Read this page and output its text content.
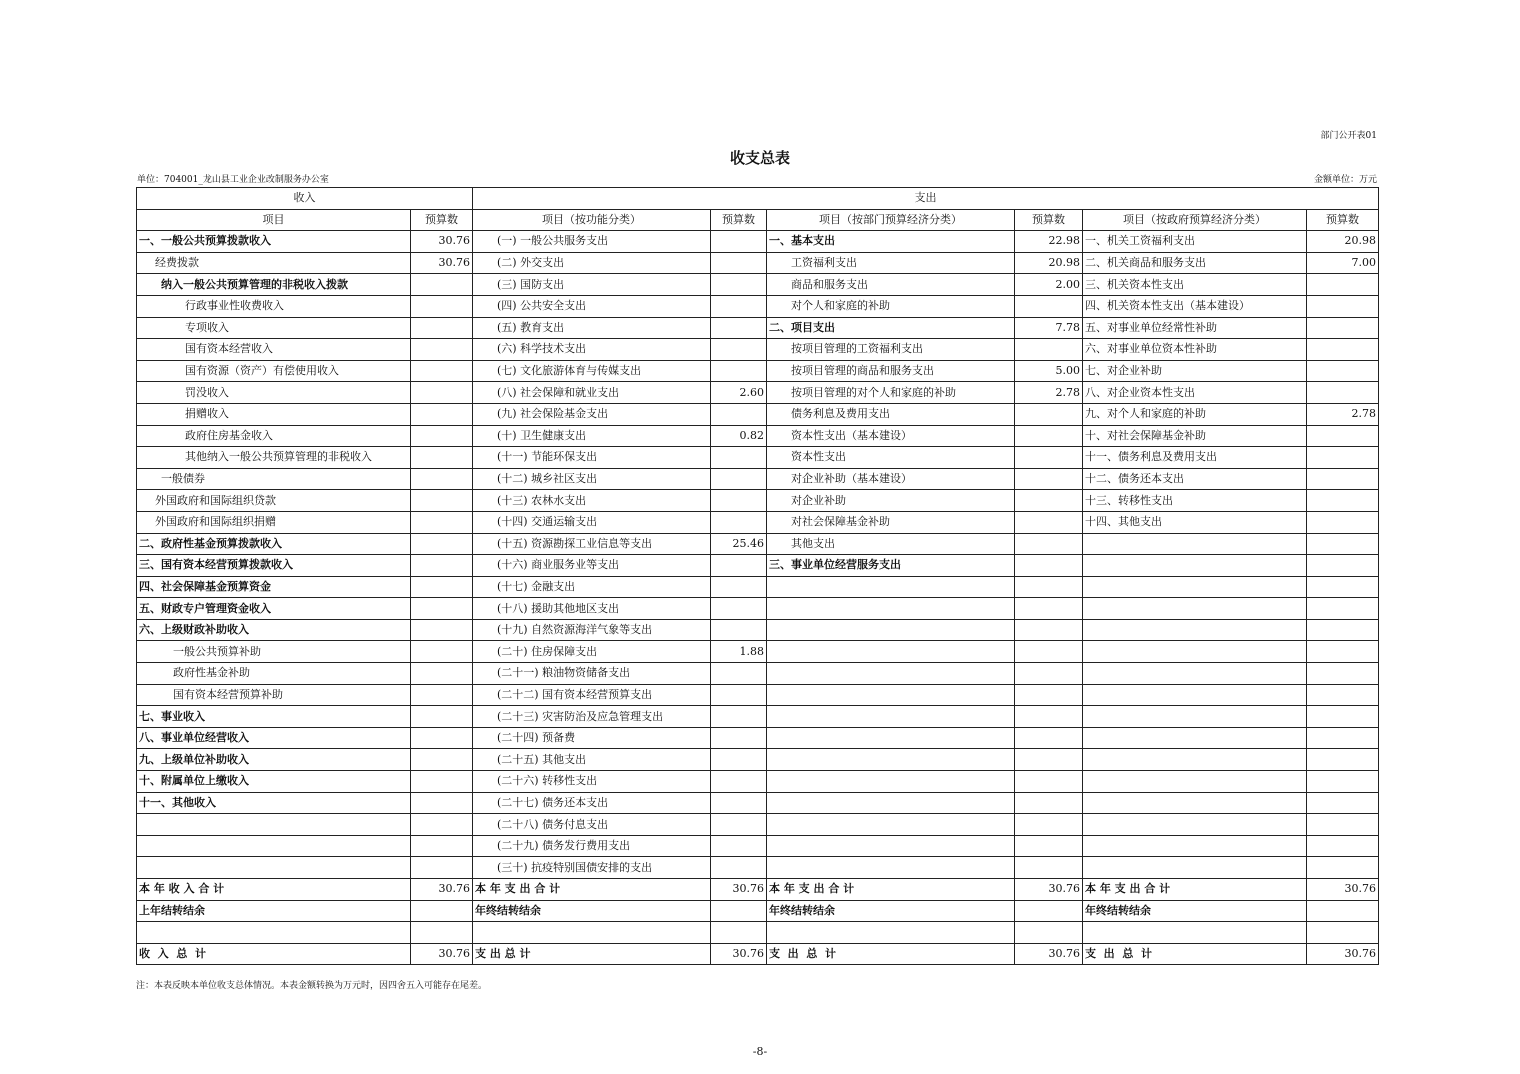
部门公开表01
收支总表
单位：704001_龙山县工业企业改制服务办公室	金额单位：万元
收入		支出					
项目	预算数	项目（按功能分类）	预算数	项目（按部门预算经济分类）	预算数	项目（按政府预算经济分类）	预算数
一、一般公共预算拨款收入	30.76	(一) 一般公共服务支出		一、基本支出	22.98	一、机关工资福利支出	20.98
经费拨款	30.76	(二) 外交支出		工资福利支出	20.98	二、机关商品和服务支出	7.00
纳入一般公共预算管理的非税收入拨款		(三) 国防支出		商品和服务支出	2.00	三、机关资本性支出	
行政事业性收费收入		(四) 公共安全支出		对个人和家庭的补助		四、机关资本性支出（基本建设）	
专项收入		(五) 教育支出		二、项目支出	7.78	五、对事业单位经常性补助	
国有资本经营收入		(六) 科学技术支出		按项目管理的工资福利支出		六、对事业单位资本性补助	
国有资源（资产）有偿使用收入		(七) 文化旅游体育与传媒支出		按项目管理的商品和服务支出	5.00	七、对企业补助	
罚没收入		(八) 社会保障和就业支出	2.60	按项目管理的对个人和家庭的补助	2.78	八、对企业资本性支出	
捐赠收入		(九) 社会保险基金支出		债务利息及费用支出		九、对个人和家庭的补助	2.78
政府住房基金收入		(十) 卫生健康支出	0.82	资本性支出（基本建设）		十、对社会保障基金补助	
其他纳入一般公共预算管理的非税收入		(十一) 节能环保支出		资本性支出		十一、债务利息及费用支出	
一般债券		(十二) 城乡社区支出		对企业补助（基本建设）		十二、债务还本支出	
外国政府和国际组织贷款		(十三) 农林水支出		对企业补助		十三、转移性支出	
外国政府和国际组织捐赠		(十四) 交通运输支出		对社会保障基金补助		十四、其他支出	
二、政府性基金预算拨款收入		(十五) 资源勘探工业信息等支出	25.46	其他支出			
三、国有资本经营预算拨款收入		(十六) 商业服务业等支出		三、事业单位经营服务支出			
四、社会保障基金预算资金		(十七) 金融支出					
五、财政专户管理资金收入		(十八) 援助其他地区支出					
六、上级财政补助收入		(十九) 自然资源海洋气象等支出					
一般公共预算补助		(二十) 住房保障支出	1.88				
政府性基金补助		(二十一) 粮油物资储备支出					
国有资本经营预算补助		(二十二) 国有资本经营预算支出					
七、事业收入		(二十三) 灾害防治及应急管理支出					
八、事业单位经营收入		(二十四) 预备费					
九、上级单位补助收入		(二十五) 其他支出					
十、附属单位上缴收入		(二十六) 转移性支出					
十一、其他收入		(二十七) 债务还本支出					
		(二十八) 债务付息支出					
		(二十九) 债务发行费用支出					
		(三十) 抗疫特别国债安排的支出					
本 年 收 入 合 计	30.76	本 年 支 出 合 计	30.76	本 年 支 出 合 计	30.76	本 年 支 出 合 计	30.76
上年结转结余		年终结转结余		年终结转结余		年终结转结余	

收  入  总  计	30.76	支 出 总 计	30.76	支  出  总  计	30.76	支  出  总  计	30.76
注：本表反映本单位收支总体情况。本表金额转换为万元时，因四舍五入可能存在尾差。
-8-
